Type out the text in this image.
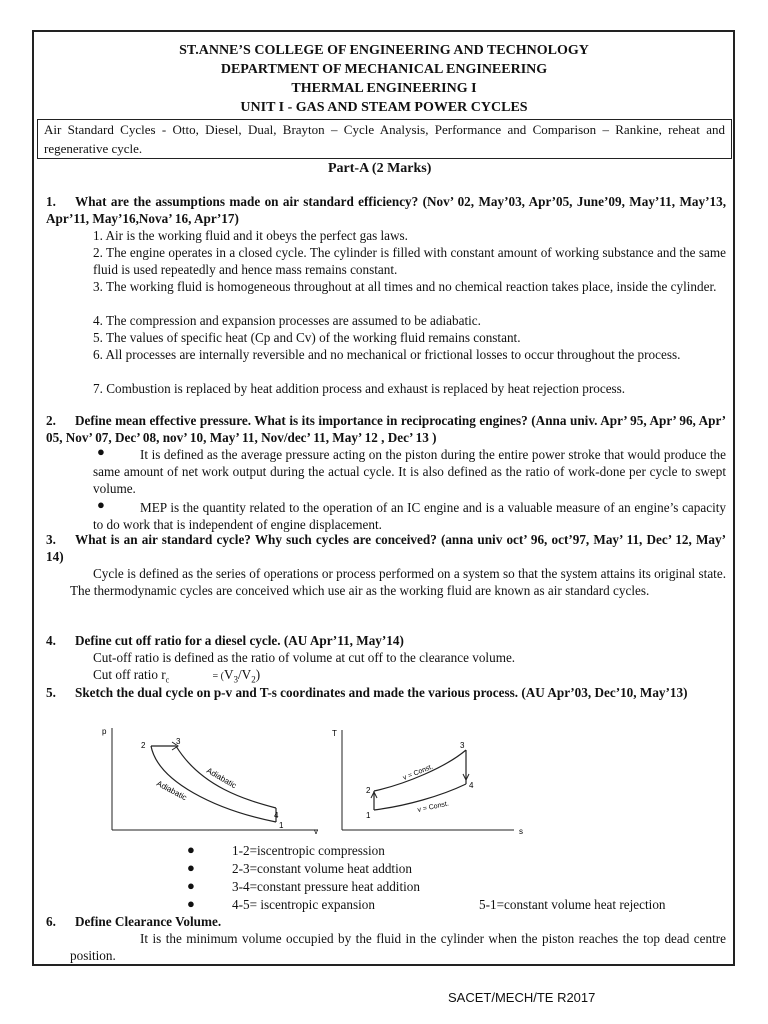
ST.ANNE’S COLLEGE OF ENGINEERING AND TECHNOLOGY
DEPARTMENT OF MECHANICAL ENGINEERING
THERMAL ENGINEERING I
UNIT I - GAS AND STEAM POWER CYCLES
Air Standard Cycles - Otto, Diesel, Dual, Brayton – Cycle Analysis, Performance and Comparison – Rankine, reheat and regenerative cycle.
Part-A (2 Marks)
1.	What are the assumptions made on air standard efficiency? (Nov’ 02, May’03, Apr’05, June’09, May’11, May’13, Apr’11, May’16,Nova’ 16, Apr’17)
1. Air is the working fluid and it obeys the perfect gas laws.
2. The engine operates in a closed cycle. The cylinder is filled with constant amount of working substance and the same fluid is used repeatedly and hence mass remains constant.
3. The working fluid is homogeneous throughout at all times and no chemical reaction takes place, inside the cylinder.
4. The compression and expansion processes are assumed to be adiabatic.
5. The values of specific heat (Cp and Cv) of the working fluid remains constant.
6. All processes are internally reversible and no mechanical or frictional losses to occur throughout the process.
7. Combustion is replaced by heat addition process and exhaust is replaced by heat rejection process.
2.	Define mean effective pressure. What is its importance in reciprocating engines? (Anna univ. Apr’ 95, Apr’ 96, Apr’ 05, Nov’ 07, Dec’ 08, nov’ 10, May’ 11, Nov/dec’ 11, May’ 12 , Dec’ 13 )
●	It is defined as the average pressure acting on the piston during the entire power stroke that would produce the same amount of net work output during the actual cycle. It is also defined as the ratio of work-done per cycle to swept volume.
●	MEP is the quantity related to the operation of an IC engine and is a valuable measure of an engine’s capacity to do work that is independent of engine displacement.
3.	What is an air standard cycle? Why such cycles are conceived? (anna univ oct’ 96, oct’97, May’ 11, Dec’ 12, May’ 14)
Cycle is defined as the series of operations or process performed on a system so that the system attains its original state. The thermodynamic cycles are conceived which use air as the working fluid are known as air standard cycles.
4. Define cut off ratio for a diesel cycle. (AU Apr’11, May’14)
Cut-off ratio is defined as the ratio of volume at cut off to the clearance volume.
Cut off ratio $r_c$	= $(V_3/V_2)$
5.	Sketch the dual cycle on p-v and T-s coordinates and made the various process. (AU Apr’03, Dec’10, May’13)
p
v
2	3
4
1
Adiabatic
Adiabatic
T
s
1
2
3
4
v = Const.
v = Const.
●	1-2=iscentropic compression
●	2-3=constant volume heat addtion
●	3-4=constant pressure heat addition
●	4-5= iscentropic expansion	5-1=constant volume heat rejection
6. Define Clearance Volume.
It is the minimum volume occupied by the fluid in the cylinder when the piston reaches the top dead centre position.
SACET/MECH/TE R2017
